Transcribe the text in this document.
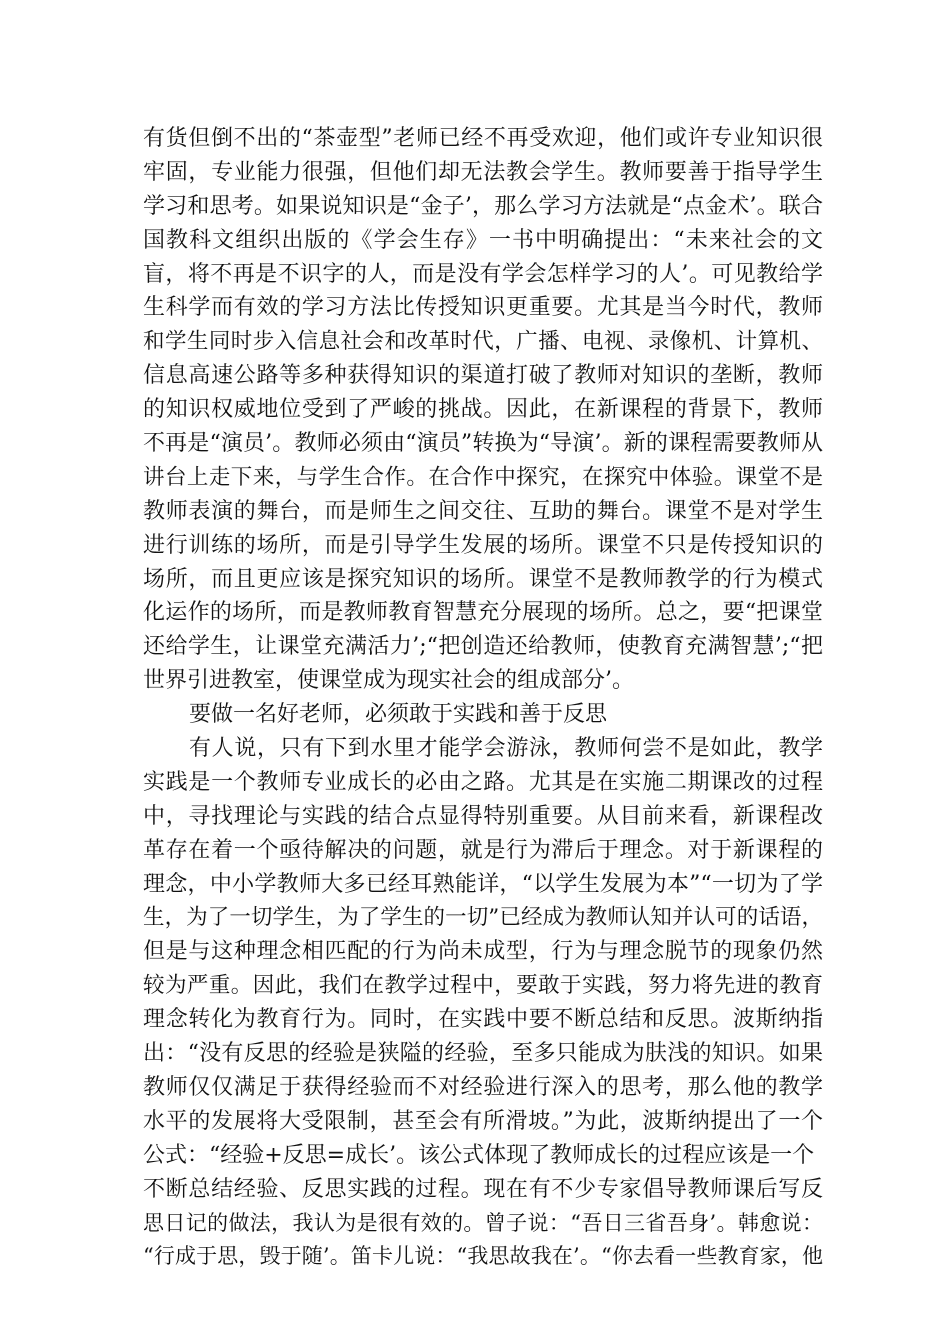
有货但倒不出的“茶壶型”老师已经不再受欢迎，他们或许专业知识很
牢固，专业能力很强，但他们却无法教会学生。教师要善于指导学生
学习和思考。如果说知识是“金子’，那么学习方法就是“点金术’。联合
国教科文组织出版的《学会生存》一书中明确提出：“未来社会的文
盲，将不再是不识字的人，而是没有学会怎样学习的人’。可见教给学
生科学而有效的学习方法比传授知识更重要。尤其是当今时代，教师
和学生同时步入信息社会和改革时代，广播、电视、录像机、计算机、
信息高速公路等多种获得知识的渠道打破了教师对知识的垄断，教师
的知识权威地位受到了严峻的挑战。因此，在新课程的背景下，教师
不再是“演员’。教师必须由“演员”转换为“导演’。新的课程需要教师从
讲台上走下来，与学生合作。在合作中探究，在探究中体验。课堂不是
教师表演的舞台，而是师生之间交往、互助的舞台。课堂不是对学生
进行训练的场所，而是引导学生发展的场所。课堂不只是传授知识的
场所，而且更应该是探究知识的场所。课堂不是教师教学的行为模式
化运作的场所，而是教师教育智慧充分展现的场所。总之，要“把课堂
还给学生，让课堂充满活力’;“把创造还给教师，使教育充满智慧’;“把
世界引进教室，使课堂成为现实社会的组成部分’。
要做一名好老师，必须敢于实践和善于反思
有人说，只有下到水里才能学会游泳，教师何尝不是如此，教学
实践是一个教师专业成长的必由之路。尤其是在实施二期课改的过程
中，寻找理论与实践的结合点显得特别重要。从目前来看，新课程改
革存在着一个亟待解决的问题，就是行为滞后于理念。对于新课程的
理念，中小学教师大多已经耳熟能详，“以学生发展为本”“一切为了学
生，为了一切学生，为了学生的一切”已经成为教师认知并认可的话语，
但是与这种理念相匹配的行为尚未成型，行为与理念脱节的现象仍然
较为严重。因此，我们在教学过程中，要敢于实践，努力将先进的教育
理念转化为教育行为。同时，在实践中要不断总结和反思。波斯纳指
出：“没有反思的经验是狭隘的经验，至多只能成为肤浅的知识。如果
教师仅仅满足于获得经验而不对经验进行深入的思考，那么他的教学
水平的发展将大受限制，甚至会有所滑坡。”为此，波斯纳提出了一个
公式：“经验+反思=成长’。该公式体现了教师成长的过程应该是一个
不断总结经验、反思实践的过程。现在有不少专家倡导教师课后写反
思日记的做法，我认为是很有效的。曾子说：“吾日三省吾身’。韩愈说：
“行成于思，毁于随’。笛卡儿说：“我思故我在’。“你去看一些教育家，他
